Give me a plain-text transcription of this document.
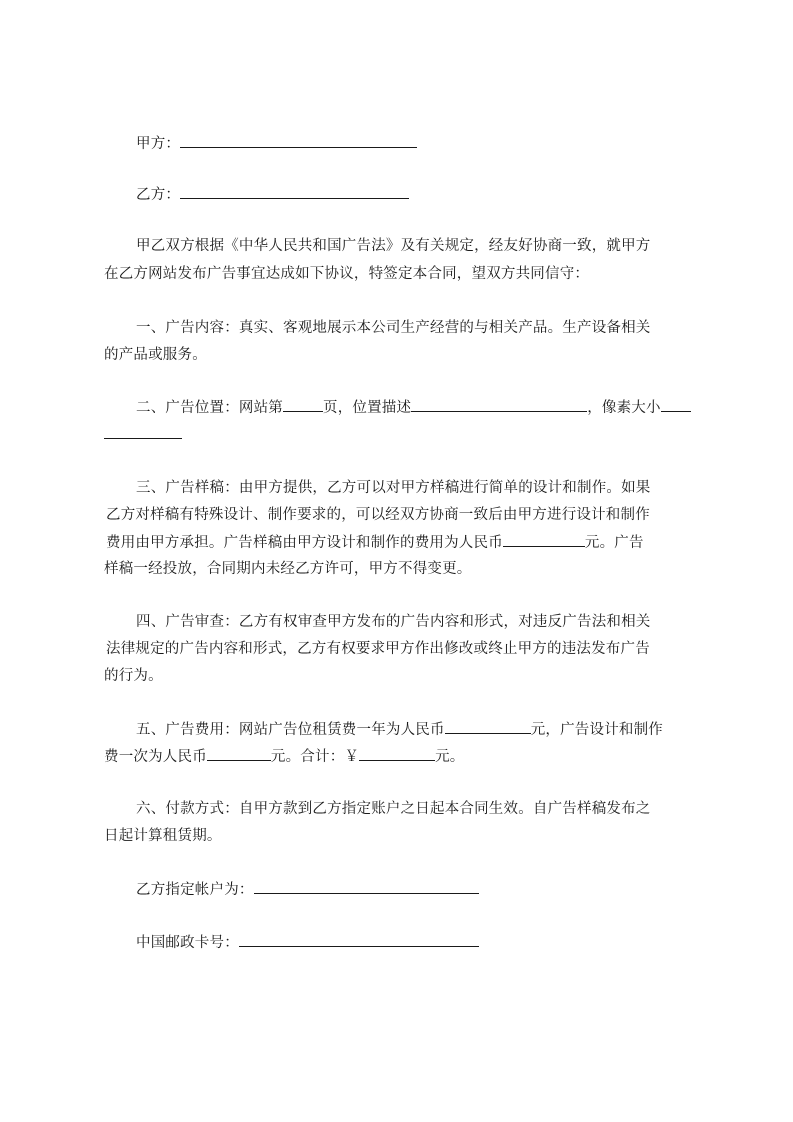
甲方：
乙方：
甲乙双方根据《中华人民共和国广告法》及有关规定，经友好协商一致，就甲方
在乙方网站发布广告事宜达成如下协议，特签定本合同，望双方共同信守：
一、广告内容：真实、客观地展示本公司生产经营的与相关产品。生产设备相关
的产品或服务。
二、广告位置：网站第	页，位置描述	，像素大小
三、广告样稿：由甲方提供，乙方可以对甲方样稿进行简单的设计和制作。如果
乙方对样稿有特殊设计、制作要求的，可以经双方协商一致后由甲方进行设计和制作
费用由甲方承担。广告样稿由甲方设计和制作的费用为人民币	元。广告
样稿一经投放，合同期内未经乙方许可，甲方不得变更。
四、广告审查：乙方有权审查甲方发布的广告内容和形式，对违反广告法和相关
法律规定的广告内容和形式，乙方有权要求甲方作出修改或终止甲方的违法发布广告
的行为。
五、广告费用：网站广告位租赁费一年为人民币	元，广告设计和制作
费一次为人民币	元。合计：￥	元。
六、付款方式：自甲方款到乙方指定账户之日起本合同生效。自广告样稿发布之
日起计算租赁期。
乙方指定帐户为：
中国邮政卡号：
